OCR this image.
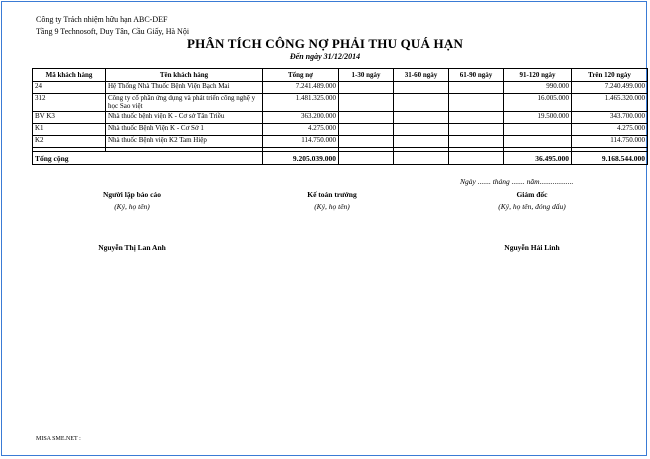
Công ty Trách nhiệm hữu hạn ABC-DEF
Tầng 9 Technosoft, Duy Tân, Cầu Giấy, Hà Nội
PHÂN TÍCH CÔNG NỢ PHẢI THU QUÁ HẠN
Đến ngày 31/12/2014
Mã khách hàng	Tên khách hàng	Tổng nợ	1-30 ngày	31-60 ngày	61-90 ngày	91-120 ngày	Trên 120 ngày
24	Hệ Thống Nhà Thuốc Bệnh Viện Bạch Mai	7.241.489.000				990.000	7.240.499.000
312	Công ty cổ phần ứng dụng và phát triển công nghệ y học Sao việt	1.481.325.000				16.005.000	1.465.320.000
BV K3	Nhà thuốc bệnh viện K - Cơ sở Tân Triều	363.200.000				19.500.000	343.700.000
K1	Nhà thuốc Bệnh Viện K - Cơ Sở 1	4.275.000					4.275.000
K2	Nhà thuốc Bệnh viện K2 Tam Hiệp	114.750.000					114.750.000

Tổng cộng		9.205.039.000				36.495.000	9.168.544.000
Ngày ....... tháng ....... năm..................
Người lập báo cáo
(Ký, họ tên)
Kế toán trưởng
(Ký, họ tên)
Giám đốc
(Ký, họ tên, đóng dấu)
Nguyễn Thị Lan Anh	Nguyễn Hải Linh
MISA SME.NET :
